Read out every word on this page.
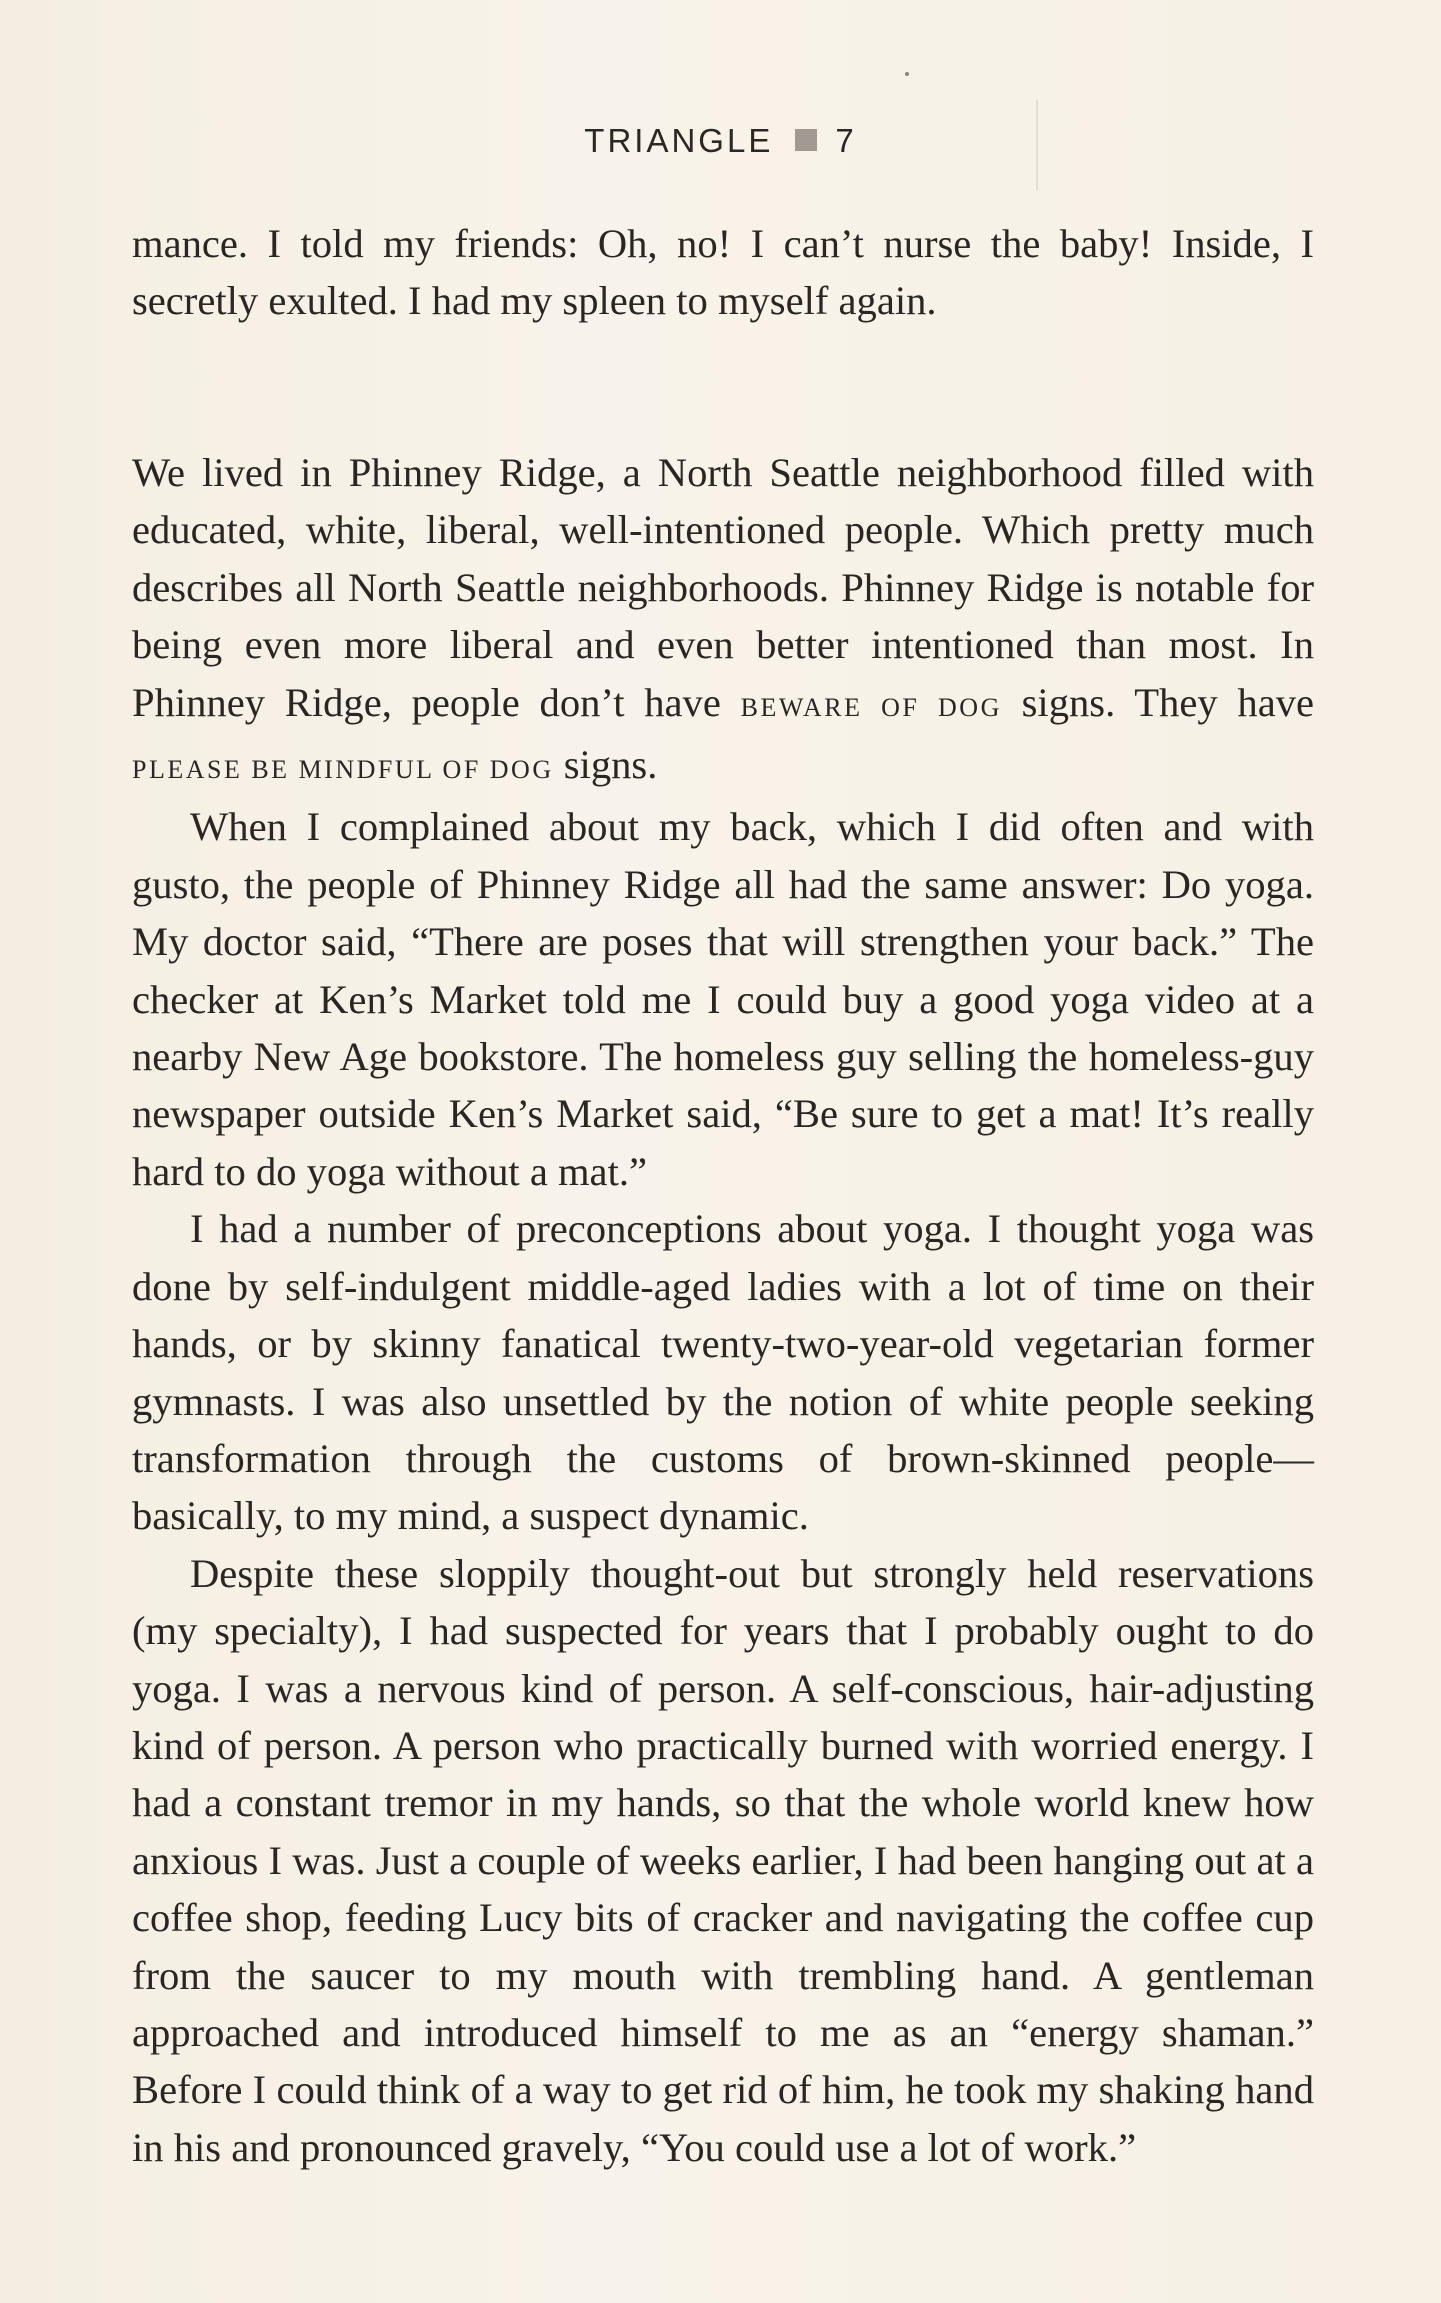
TRIANGLE 7

mance. I told my friends: Oh, no! I can’t nurse the baby! Inside, I secretly exulted. I had my spleen to myself again.

We lived in Phinney Ridge, a North Seattle neighborhood filled with educated, white, liberal, well-intentioned people. Which pretty much describes all North Seattle neighborhoods. Phinney Ridge is notable for being even more liberal and even better intentioned than most. In Phinney Ridge, people don’t have BEWARE OF DOG signs. They have PLEASE BE MINDFUL OF DOG signs.

When I complained about my back, which I did often and with gusto, the people of Phinney Ridge all had the same answer: Do yoga. My doctor said, “There are poses that will strengthen your back.” The checker at Ken’s Market told me I could buy a good yoga video at a nearby New Age bookstore. The homeless guy selling the homeless-guy newspaper outside Ken’s Market said, “Be sure to get a mat! It’s really hard to do yoga without a mat.”

I had a number of preconceptions about yoga. I thought yoga was done by self-indulgent middle-aged ladies with a lot of time on their hands, or by skinny fanatical twenty-two-year-old vegetarian former gymnasts. I was also unsettled by the notion of white people seeking transformation through the customs of brown-skinned people—basically, to my mind, a suspect dynamic.

Despite these sloppily thought-out but strongly held reservations (my specialty), I had suspected for years that I probably ought to do yoga. I was a nervous kind of person. A self-conscious, hair-adjusting kind of person. A person who practically burned with worried energy. I had a constant tremor in my hands, so that the whole world knew how anxious I was. Just a couple of weeks earlier, I had been hanging out at a coffee shop, feeding Lucy bits of cracker and navigating the coffee cup from the saucer to my mouth with trembling hand. A gentleman approached and introduced himself to me as an “energy shaman.” Before I could think of a way to get rid of him, he took my shaking hand in his and pronounced gravely, “You could use a lot of work.”
